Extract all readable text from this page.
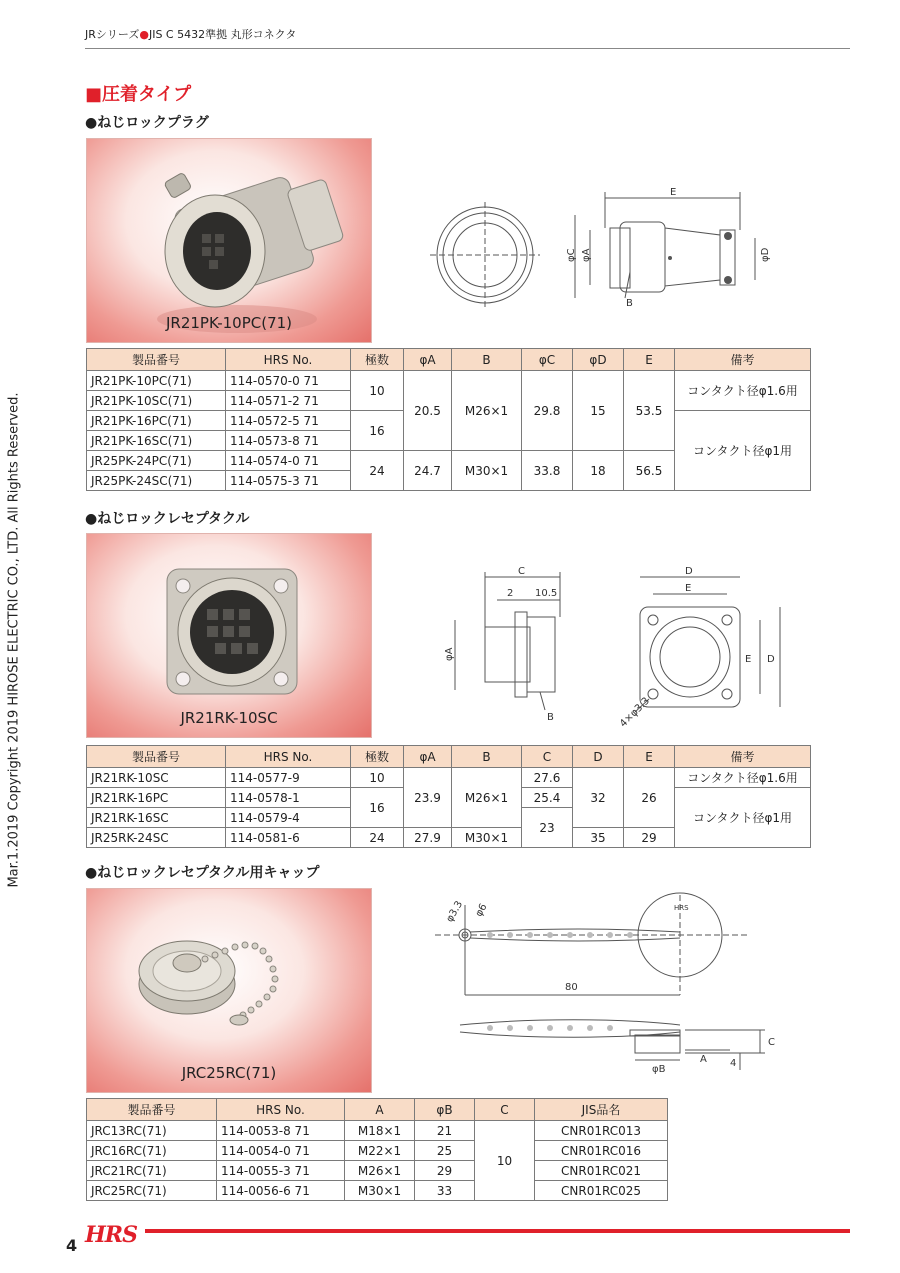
JRシリーズ●JIS C 5432準拠 丸形コネクタ
■圧着タイプ
Mar.1.2019 Copyright 2019 HIROSE ELECTRIC CO., LTD. All Rights Reserved.
●ねじロックプラグ
JR21PK-10PC(71)
E
φC φA	φD
B
製品番号	HRS No.	極数	φA	B	φC	φD	E	備考
JR21PK-10PC(71)	114-0570-0 71	10	20.5	M26×1	29.8	15	53.5	コンタクト径φ1.6用
JR21PK-10SC(71)	114-0571-2 71							
JR21PK-16PC(71)	114-0572-5 71	16						コンタクト径φ1用
JR21PK-16SC(71)	114-0573-8 71							
JR25PK-24PC(71)	114-0574-0 71	24	24.7	M30×1	33.8	18	56.5	
JR25PK-24SC(71)	114-0575-3 71							
●ねじロックレセプタクル
JR21RK-10SC
C
2 10.5
φA
B
D
E
E D
4×φ3.3
製品番号	HRS No.	極数	φA	B	C	D	E	備考
JR21RK-10SC	114-0577-9	10	23.9	M26×1	27.6	32	26	コンタクト径φ1.6用
JR21RK-16PC	114-0578-1	16			25.4			コンタクト径φ1用
JR21RK-16SC	114-0579-4				23			
JR25RK-24SC	114-0581-6	24	27.9	M30×1		35	29	
●ねじロックレセプタクル用キャップ
JRC25RC(71)
φ3.3 φ6	HRS
80
A
φB
C
4
製品番号	HRS No.	A	φB	C	JIS品名
JRC13RC(71)	114-0053-8 71	M18×1	21	10	CNR01RC013
JRC16RC(71)	114-0054-0 71	M22×1	25		CNR01RC016
JRC21RC(71)	114-0055-3 71	M26×1	29		CNR01RC021
JRC25RC(71)	114-0056-6 71	M30×1	33		CNR01RC025
4 HRS
